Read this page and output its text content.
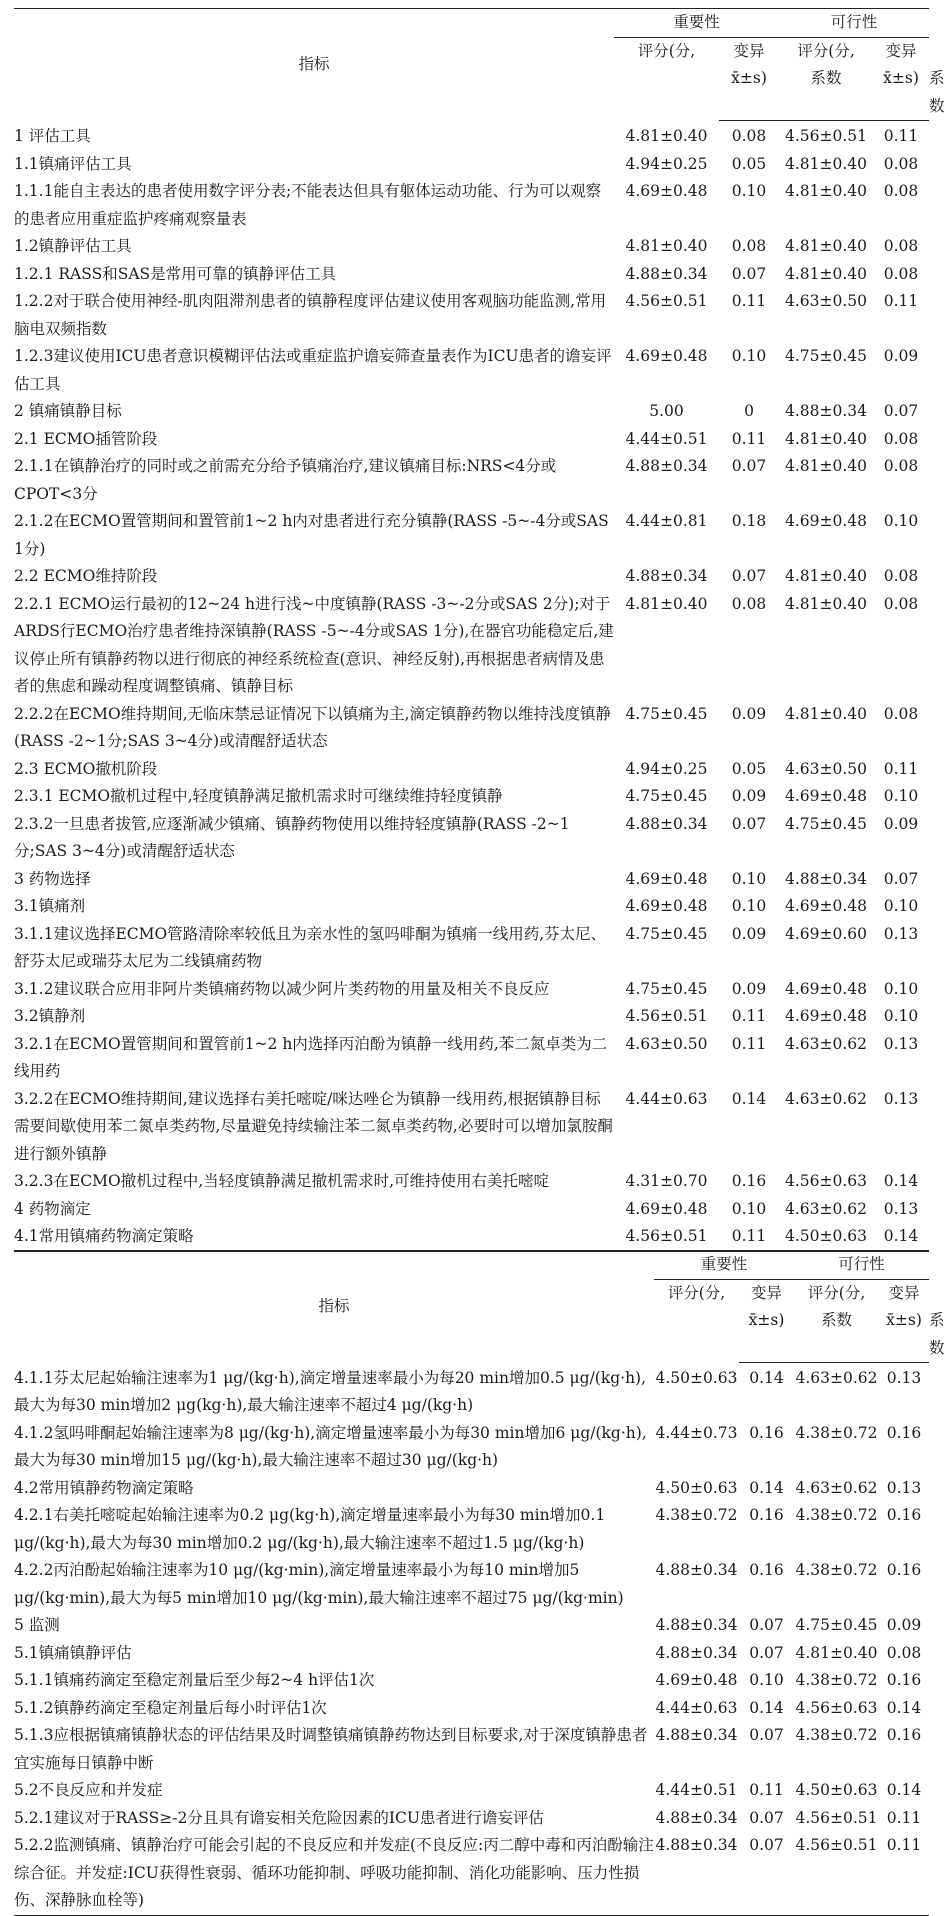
指标	重要性		可行性		
	评分(分,	变异	评分(分,	变异	
		x̄±s)	系数	x̄±s)	系数
1 评估工具	4.81±0.40	0.08	4.56±0.51	0.11	
1.1镇痛评估工具	4.94±0.25	0.05	4.81±0.40	0.08	
1.1.1能自主表达的患者使用数字评分表;不能表达但具有躯体运动功能、行为可以观察的患者应用重症监护疼痛观察量表	4.69±0.48	0.10	4.81±0.40	0.08	
1.2镇静评估工具	4.81±0.40	0.08	4.81±0.40	0.08	
1.2.1 RASS和SAS是常用可靠的镇静评估工具	4.88±0.34	0.07	4.81±0.40	0.08	
1.2.2对于联合使用神经-肌肉阻滞剂患者的镇静程度评估建议使用客观脑功能监测,常用脑电双频指数	4.56±0.51	0.11	4.63±0.50	0.11	
1.2.3建议使用ICU患者意识模糊评估法或重症监护谵妄筛查量表作为ICU患者的谵妄评估工具	4.69±0.48	0.10	4.75±0.45	0.09	
2 镇痛镇静目标	5.00	0	4.88±0.34	0.07	
2.1 ECMO插管阶段	4.44±0.51	0.11	4.81±0.40	0.08	
2.1.1在镇静治疗的同时或之前需充分给予镇痛治疗,建议镇痛目标:NRS<4分或CPOT<3分	4.88±0.34	0.07	4.81±0.40	0.08	
2.1.2在ECMO置管期间和置管前1~2 h内对患者进行充分镇静(RASS -5~-4分或SAS 1分)	4.44±0.81	0.18	4.69±0.48	0.10	
2.2 ECMO维持阶段	4.88±0.34	0.07	4.81±0.40	0.08	
2.2.1 ECMO运行最初的12~24 h进行浅~中度镇静(RASS -3~-2分或SAS 2分);对于ARDS行ECMO治疗患者维持深镇静(RASS -5~-4分或SAS 1分),在器官功能稳定后,建议停止所有镇静药物以进行彻底的神经系统检查(意识、神经反射),再根据患者病情及患者的焦虑和躁动程度调整镇痛、镇静目标	4.81±0.40	0.08	4.81±0.40	0.08	
2.2.2在ECMO维持期间,无临床禁忌证情况下以镇痛为主,滴定镇静药物以维持浅度镇静(RASS -2~1分;SAS 3~4分)或清醒舒适状态	4.75±0.45	0.09	4.81±0.40	0.08	
2.3 ECMO撤机阶段	4.94±0.25	0.05	4.63±0.50	0.11	
2.3.1 ECMO撤机过程中,轻度镇静满足撤机需求时可继续维持轻度镇静	4.75±0.45	0.09	4.69±0.48	0.10	
2.3.2一旦患者拔管,应逐渐减少镇痛、镇静药物使用以维持轻度镇静(RASS -2~1分;SAS 3~4分)或清醒舒适状态	4.88±0.34	0.07	4.75±0.45	0.09	
3 药物选择	4.69±0.48	0.10	4.88±0.34	0.07	
3.1镇痛剂	4.69±0.48	0.10	4.69±0.48	0.10	
3.1.1建议选择ECMO管路清除率较低且为亲水性的氢吗啡酮为镇痛一线用药,芬太尼、舒芬太尼或瑞芬太尼为二线镇痛药物	4.75±0.45	0.09	4.69±0.60	0.13	
3.1.2建议联合应用非阿片类镇痛药物以减少阿片类药物的用量及相关不良反应	4.75±0.45	0.09	4.69±0.48	0.10	
3.2镇静剂	4.56±0.51	0.11	4.69±0.48	0.10	
3.2.1在ECMO置管期间和置管前1~2 h内选择丙泊酚为镇静一线用药,苯二氮卓类为二线用药	4.63±0.50	0.11	4.63±0.62	0.13	
3.2.2在ECMO维持期间,建议选择右美托嘧啶/咪达唑仑为镇静一线用药,根据镇静目标需要间歇使用苯二氮卓类药物,尽量避免持续输注苯二氮卓类药物,必要时可以增加氯胺酮进行额外镇静	4.44±0.63	0.14	4.63±0.62	0.13	
3.2.3在ECMO撤机过程中,当轻度镇静满足撤机需求时,可维持使用右美托嘧啶	4.31±0.70	0.16	4.56±0.63	0.14	
4 药物滴定	4.69±0.48	0.10	4.63±0.62	0.13	
4.1常用镇痛药物滴定策略	4.56±0.51	0.11	4.50±0.63	0.14	
指标	重要性		可行性		
	评分(分,	变异	评分(分,	变异	
		x̄±s)	系数	x̄±s)	系数
4.1.1芬太尼起始输注速率为1 μg/(kg·h),滴定增量速率最小为每20 min增加0.5 μg/(kg·h),最大为每30 min增加2 μg(kg·h),最大输注速率不超过4 μg/(kg·h)	4.50±0.63	0.14	4.63±0.62	0.13	
4.1.2氢吗啡酮起始输注速率为8 μg/(kg·h),滴定增量速率最小为每30 min增加6 μg/(kg·h),最大为每30 min增加15 μg/(kg·h),最大输注速率不超过30 μg/(kg·h)	4.44±0.73	0.16	4.38±0.72	0.16	
4.2常用镇静药物滴定策略	4.50±0.63	0.14	4.63±0.62	0.13	
4.2.1右美托嘧啶起始输注速率为0.2 μg(kg·h),滴定增量速率最小为每30 min增加0.1 μg/(kg·h),最大为每30 min增加0.2 μg/(kg·h),最大输注速率不超过1.5 μg/(kg·h)	4.38±0.72	0.16	4.38±0.72	0.16	
4.2.2丙泊酚起始输注速率为10 μg/(kg·min),滴定增量速率最小为每10 min增加5 μg/(kg·min),最大为每5 min增加10 μg/(kg·min),最大输注速率不超过75 μg/(kg·min)	4.88±0.34	0.16	4.38±0.72	0.16	
5 监测	4.88±0.34	0.07	4.75±0.45	0.09	
5.1镇痛镇静评估	4.88±0.34	0.07	4.81±0.40	0.08	
5.1.1镇痛药滴定至稳定剂量后至少每2~4 h评估1次	4.69±0.48	0.10	4.38±0.72	0.16	
5.1.2镇静药滴定至稳定剂量后每小时评估1次	4.44±0.63	0.14	4.56±0.63	0.14	
5.1.3应根据镇痛镇静状态的评估结果及时调整镇痛镇静药物达到目标要求,对于深度镇静患者宜实施每日镇静中断	4.88±0.34	0.07	4.38±0.72	0.16	
5.2不良反应和并发症	4.44±0.51	0.11	4.50±0.63	0.14	
5.2.1建议对于RASS≥-2分且具有谵妄相关危险因素的ICU患者进行谵妄评估	4.88±0.34	0.07	4.56±0.51	0.11	
5.2.2监测镇痛、镇静治疗可能会引起的不良反应和并发症(不良反应:丙二醇中毒和丙泊酚输注综合征。并发症:ICU获得性衰弱、循环功能抑制、呼吸功能抑制、消化功能影响、压力性损伤、深静脉血栓等)	4.88±0.34	0.07	4.56±0.51	0.11	
